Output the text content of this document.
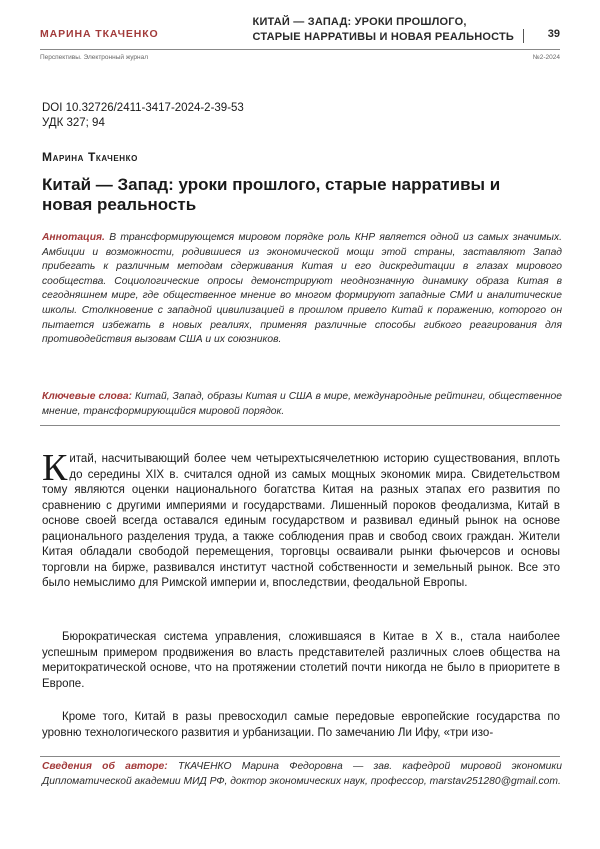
МАРИНА ТКАЧЕНКО
КИТАЙ — ЗАПАД: УРОКИ ПРОШЛОГО,
СТАРЫЕ НАРРАТИВЫ И НОВАЯ РЕАЛЬНОСТЬ	39
Перспективы. Электронный журнал	№2-2024
DOI 10.32726/2411-3417-2024-2-39-53
УДК 327; 94
Марина Ткаченко
Китай — Запад: уроки прошлого, старые нарративы и новая реальность
Аннотация. В трансформирующемся мировом порядке роль КНР является одной из самых значимых. Амбиции и возможности, родившиеся из экономической мощи этой страны, заставляют Запад прибегать к различным методам сдерживания Китая и его дискредитации в глазах мирового сообщества. Социологические опросы демонстрируют неоднозначную динамику образа Китая в сегодняшнем мире, где общественное мнение во многом формируют западные СМИ и аналитические школы. Столкновение с западной цивилизацией в прошлом привело Китай к поражению, которого он пытается избежать в новых реалиях, применяя различные способы гибкого реагирования для противодействия вызовам США и их союзников.
Ключевые слова: Китай, Запад, образы Китая и США в мире, международные рейтинги, общественное мнение, трансформирующийся мировой порядок.
Китай, насчитывающий более чем четырехтысячелетнюю историю существования, вплоть до середины XIX в. считался одной из самых мощных экономик мира. Свидетельством тому являются оценки национального богатства Китая на разных этапах его развития по сравнению с другими империями и государствами. Лишенный пороков феодализма, Китай в основе своей всегда оставался единым государством и развивал единый рынок на основе рационального разделения труда, а также соблюдения прав и свобод своих граждан. Жители Китая обладали свободой перемещения, торговцы осваивали рынки фьючерсов и основы торговли на бирже, развивался институт частной собственности и земельный рынок. Все это было немыслимо для Римской империи и, впоследствии, феодальной Европы.
Бюрократическая система управления, сложившаяся в Китае в X в., стала наиболее успешным примером продвижения во власть представителей различных слоев общества на меритократической основе, что на протяжении столетий почти никогда не было в приоритете в Европе.
Кроме того, Китай в разы превосходил самые передовые европейские государства по уровню технологического развития и урбанизации. По замечанию Ли Ифу, «три изо-
Сведения об авторе: ТКАЧЕНКО Марина Федоровна — зав. кафедрой мировой экономики Дипломатической академии МИД РФ, доктор экономических наук, профессор, marstav251280@gmail.com.
